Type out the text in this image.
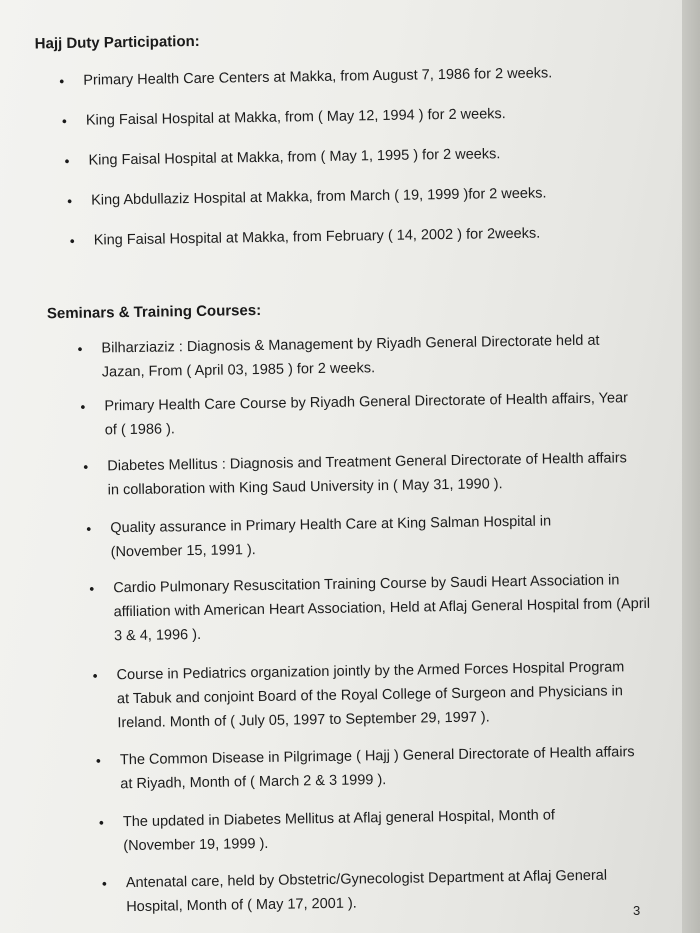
Hajj Duty Participation:
• Primary Health Care Centers at Makka, from August 7, 1986 for 2 weeks.
• King Faisal Hospital at Makka, from ( May 12, 1994 ) for 2 weeks.
• King Faisal Hospital at Makka, from ( May 1, 1995 ) for 2 weeks.
• King Abdullaziz Hospital at Makka, from March ( 19, 1999 )for 2 weeks.
• King Faisal Hospital at Makka, from February ( 14, 2002 ) for 2weeks.
Seminars & Training Courses:
• Bilharziaziz : Diagnosis & Management by Riyadh General Directorate held at Jazan, From ( April 03, 1985 ) for 2 weeks.
• Primary Health Care Course by Riyadh General Directorate of Health affairs, Year of ( 1986 ).
• Diabetes Mellitus : Diagnosis and Treatment General Directorate of Health affairs in collaboration with King Saud University in ( May 31, 1990 ).
• Quality assurance in Primary Health Care at King Salman Hospital in (November 15, 1991 ).
• Cardio Pulmonary Resuscitation Training Course by Saudi Heart Association in affiliation with American Heart Association, Held at Aflaj General Hospital from (April 3 & 4, 1996 ).
• Course in Pediatrics organization jointly by the Armed Forces Hospital Program at Tabuk and conjoint Board of the Royal College of Surgeon and Physicians in Ireland. Month of ( July 05, 1997 to September 29, 1997 ).
• The Common Disease in Pilgrimage ( Hajj ) General Directorate of Health affairs at Riyadh, Month of ( March 2 & 3 1999 ).
• The updated in Diabetes Mellitus at Aflaj general Hospital, Month of (November 19, 1999 ).
• Antenatal care, held by Obstetric/Gynecologist Department at Aflaj General Hospital, Month of ( May 17, 2001 ).	3
